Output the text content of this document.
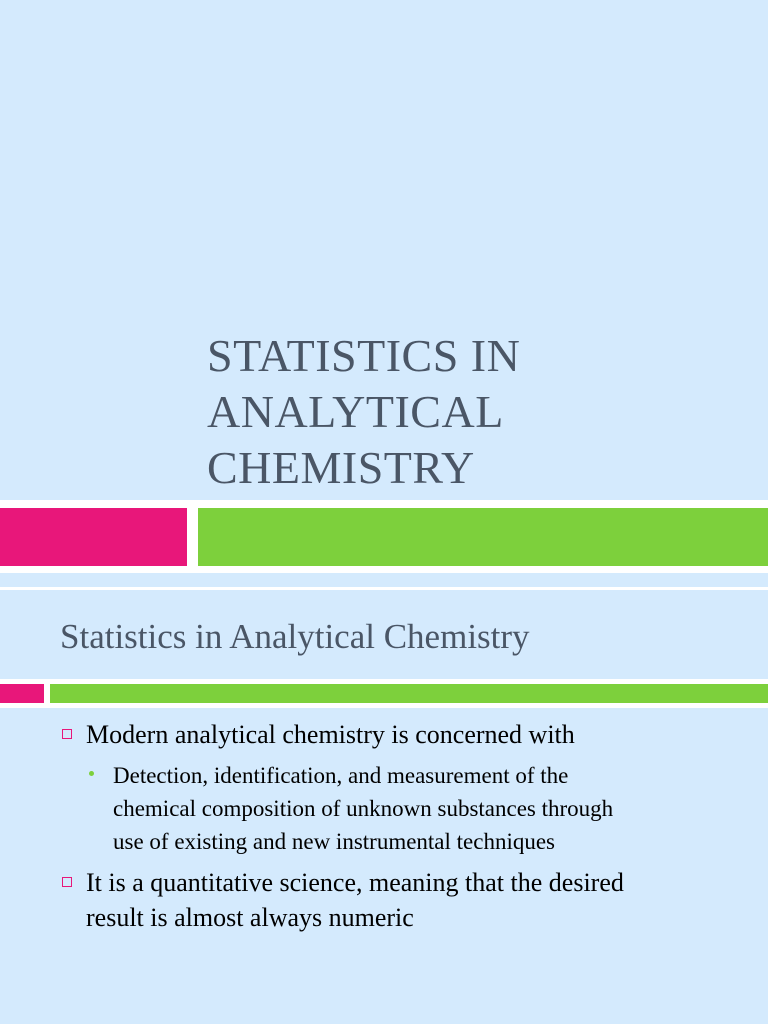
STATISTICS IN
ANALYTICAL
CHEMISTRY
Statistics in Analytical Chemistry
Modern analytical chemistry is concerned with
Detection, identification, and measurement of the
chemical composition of unknown substances through
use of existing and new instrumental techniques
It is a quantitative science, meaning that the desired
result is almost always numeric
